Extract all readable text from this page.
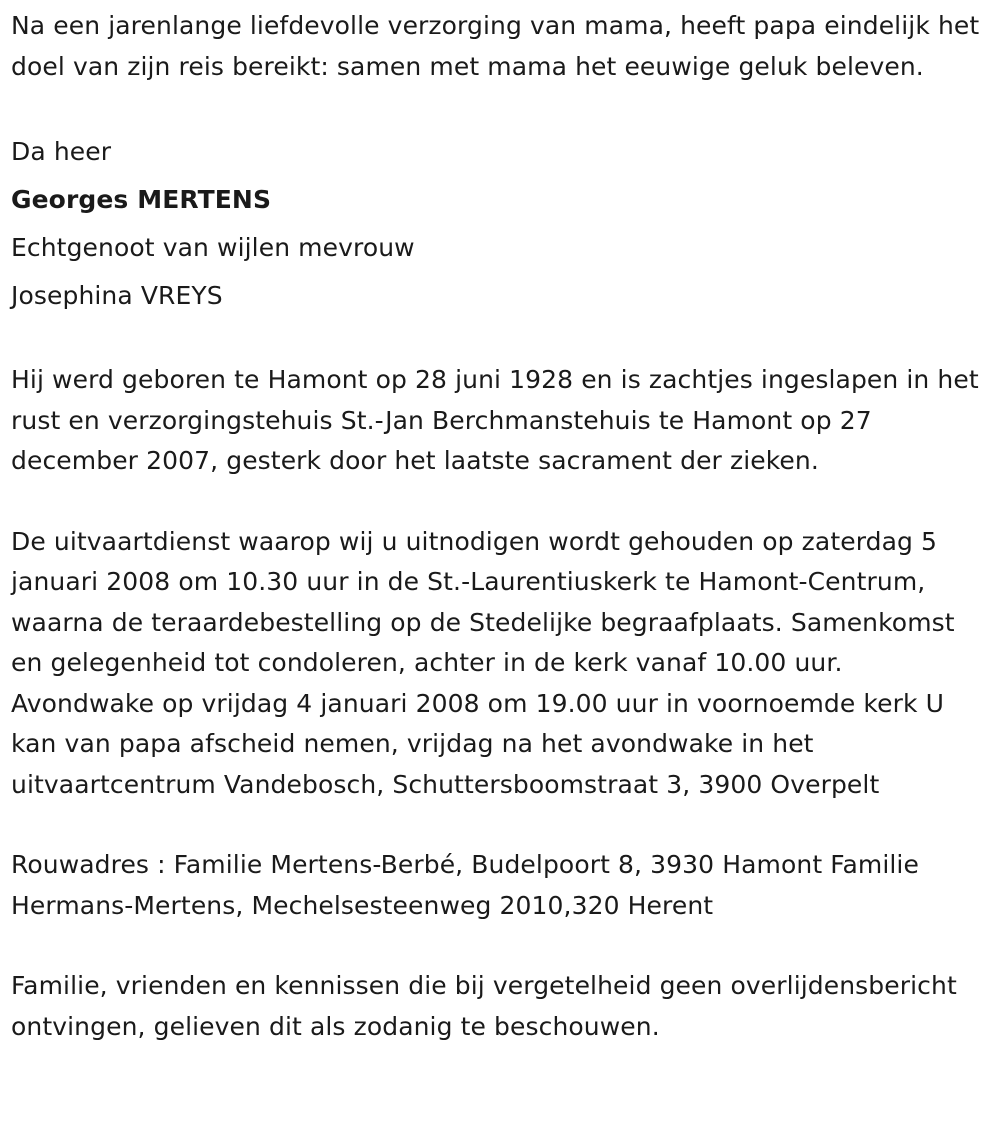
Na een jarenlange liefdevolle verzorging van mama, heeft papa eindelijk het doel van zijn reis bereikt: samen met mama het eeuwige geluk beleven.

Da heer

Georges MERTENS

Echtgenoot van wijlen mevrouw

Josephina VREYS

Hij werd geboren te Hamont op 28 juni 1928 en is zachtjes ingeslapen in het rust en verzorgingstehuis St.-Jan Berchmanstehuis te Hamont op 27 december 2007, gesterk door het laatste sacrament der zieken.

De uitvaartdienst waarop wij u uitnodigen wordt gehouden op zaterdag 5 januari 2008 om 10.30 uur in de St.-Laurentiuskerk te Hamont-Centrum, waarna de teraardebestelling op de Stedelijke begraafplaats. Samenkomst en gelegenheid tot condoleren, achter in de kerk vanaf 10.00 uur. Avondwake op vrijdag 4 januari 2008 om 19.00 uur in voornoemde kerk U kan van papa afscheid nemen, vrijdag na het avondwake in het uitvaartcentrum Vandebosch, Schuttersboomstraat 3, 3900 Overpelt

Rouwadres : Familie Mertens-Berbé, Budelpoort 8, 3930 Hamont Familie Hermans-Mertens, Mechelsesteenweg 2010,320 Herent

Familie, vrienden en kennissen die bij vergetelheid geen overlijdensbericht ontvingen, gelieven dit als zodanig te beschouwen.
